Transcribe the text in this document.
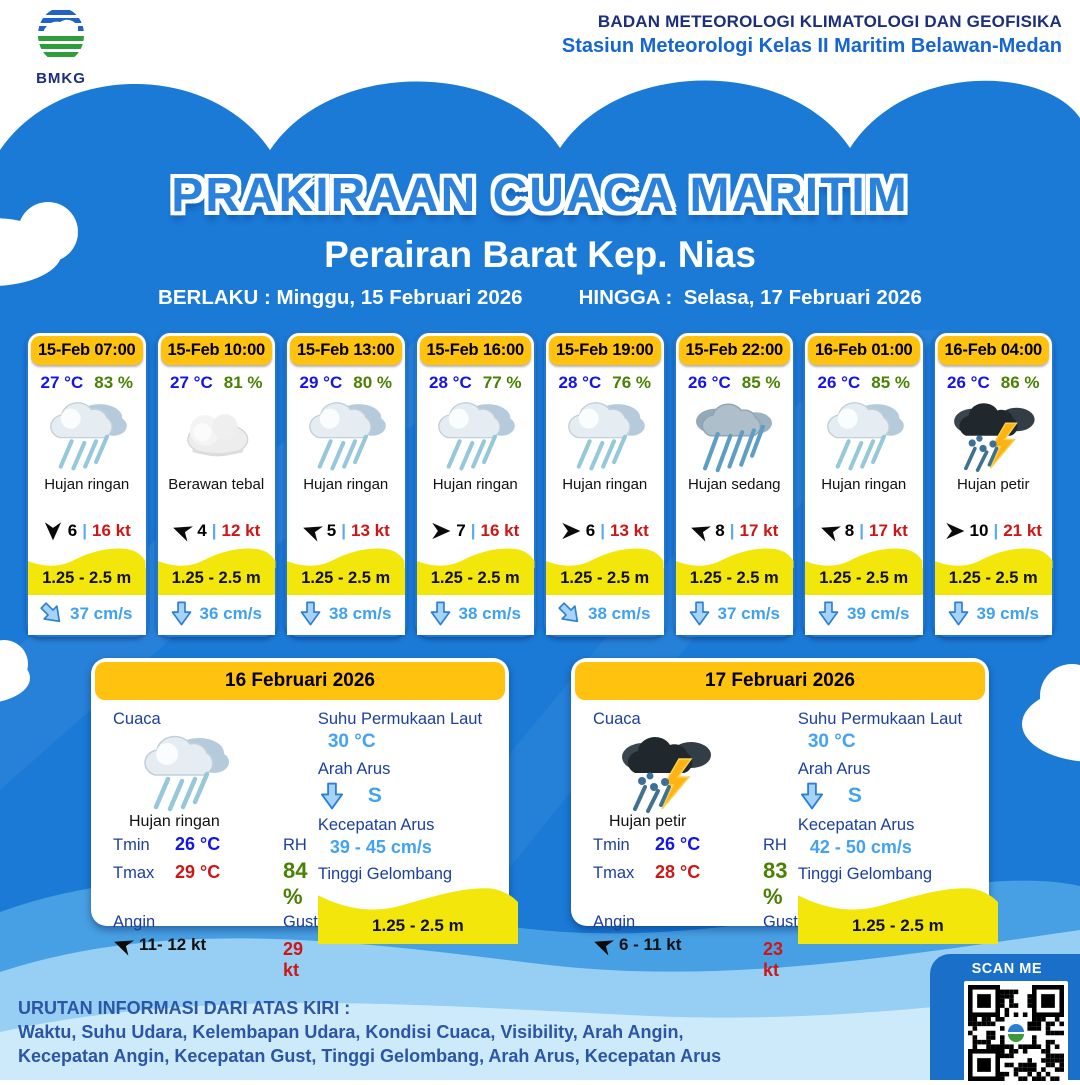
BMKG
BADAN METEOROLOGI KLIMATOLOGI DAN GEOFISIKA
Stasiun Meteorologi Kelas II Maritim Belawan-Medan
PRAKIRAAN CUACA MARITIM
Perairan Barat Kep. Nias
BERLAKU : Minggu, 15 Februari 2026	HINGGA : Selasa, 17 Februari 2026
15-Feb 07:00
27 °C 83 %
Hujan ringan
6 | 16 kt
1.25 - 2.5 m
37 cm/s
15-Feb 10:00
27 °C 81 %
Berawan tebal
4 | 12 kt
1.25 - 2.5 m
36 cm/s
15-Feb 13:00
29 °C 80 %
Hujan ringan
5 | 13 kt
1.25 - 2.5 m
38 cm/s
15-Feb 16:00
28 °C 77 %
Hujan ringan
7 | 16 kt
1.25 - 2.5 m
38 cm/s
15-Feb 19:00
28 °C 76 %
Hujan ringan
6 | 13 kt
1.25 - 2.5 m
38 cm/s
15-Feb 22:00
26 °C 85 %
Hujan sedang
8 | 17 kt
1.25 - 2.5 m
37 cm/s
16-Feb 01:00
26 °C 85 %
Hujan ringan
8 | 17 kt
1.25 - 2.5 m
39 cm/s
16-Feb 04:00
26 °C 86 %
Hujan petir
10 | 21 kt
1.25 - 2.5 m
39 cm/s
16 Februari 2026
Cuaca
Hujan ringan
Tmin	26 °C	RH
Tmax	29 °C	84 %
Angin	Gust
11- 12 kt	29 kt
Suhu Permukaan Laut
30 °C
Arah Arus
S
Kecepatan Arus
39 - 45 cm/s
Tinggi Gelombang
1.25 - 2.5 m
17 Februari 2026
Cuaca
Hujan petir
Tmin	26 °C	RH
Tmax	28 °C	83 %
Angin	Gust
6 - 11 kt	23 kt
Suhu Permukaan Laut
30 °C
Arah Arus
S
Kecepatan Arus
42 - 50 cm/s
Tinggi Gelombang
1.25 - 2.5 m
URUTAN INFORMASI DARI ATAS KIRI :
Waktu, Suhu Udara, Kelembapan Udara, Kondisi Cuaca, Visibility, Arah Angin,
Kecepatan Angin, Kecepatan Gust, Tinggi Gelombang, Arah Arus, Kecepatan Arus
SCAN ME
